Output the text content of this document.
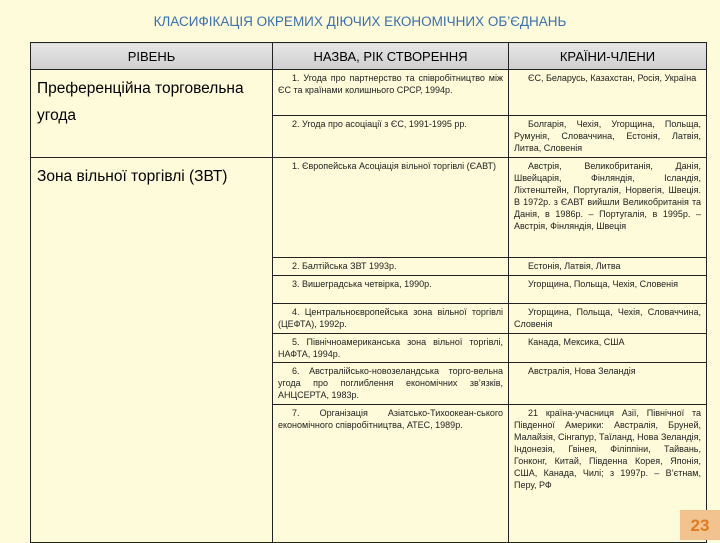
КЛАСИФІКАЦІЯ ОКРЕМИХ ДІЮЧИХ ЕКОНОМІЧНИХ ОБ’ЄДНАНЬ
РІВЕНЬ	НАЗВА, РІК СТВОРЕННЯ	КРАЇНИ-ЧЛЕНИ
Преференційна торговельна угода	1. Угода про партнерство та співробітництво між ЄС та країнами колишнього СРСР, 1994р.	ЄС, Беларусь, Казахстан, Росія, Україна
	2. Угода про асоціації з ЄС, 1991-1995 рр.	Болгарія, Чехія, Угорщина, Польща, Румунія, Словаччина, Естонія, Латвія, Литва, Словенія
Зона вільної торгівлі (ЗВТ)	1. Європейська Асоціація вільної торгівлі (ЄАВТ)	Австрія, Великобританія, Данія, Швейцарія, Фінляндія, Ісландія, Ліхтенштейн, Португалія, Норвегія, Швеція. В 1972р. з ЄАВТ вийшли Великобританія та Данія, в 1986р. – Португалія, в 1995р. – Австрія, Фінляндія, Швеція
	2. Балтійська ЗВТ 1993р.	Естонія, Латвія, Литва
	3. Вишеградська четвірка, 1990р.	Угорщина, Польща, Чехія, Словенія
	4. Центральноєвропейська зона вільної торгівлі (ЦЕФТА), 1992р.	Угорщина, Польща, Чехія, Словаччина, Словенія
	5. Північноамериканська зона вільної торгівлі, НАФТА, 1994р.	Канада, Мексика, США
	6. Австралійсько-новозеландська торго-вельна угода про поглиблення економічних зв’язків, АНЦСЕРТА, 1983р.	Австралія, Нова Зеландія
	7. Організація Азіатсько-Тихоокеан-ського економічного співробітництва, АТЕС, 1989р.	21 країна-учасниця Азії, Північної та Південної Америки: Австралія, Бруней, Малайзія, Сінгапур, Таїланд, Нова Зеландія, Індонезія, Гвінея, Філіппіни, Тайвань, Гонконг, Китай, Південна Корея, Японія, США, Канада, Чилі; з 1997р. – В’єтнам, Перу, РФ
23
